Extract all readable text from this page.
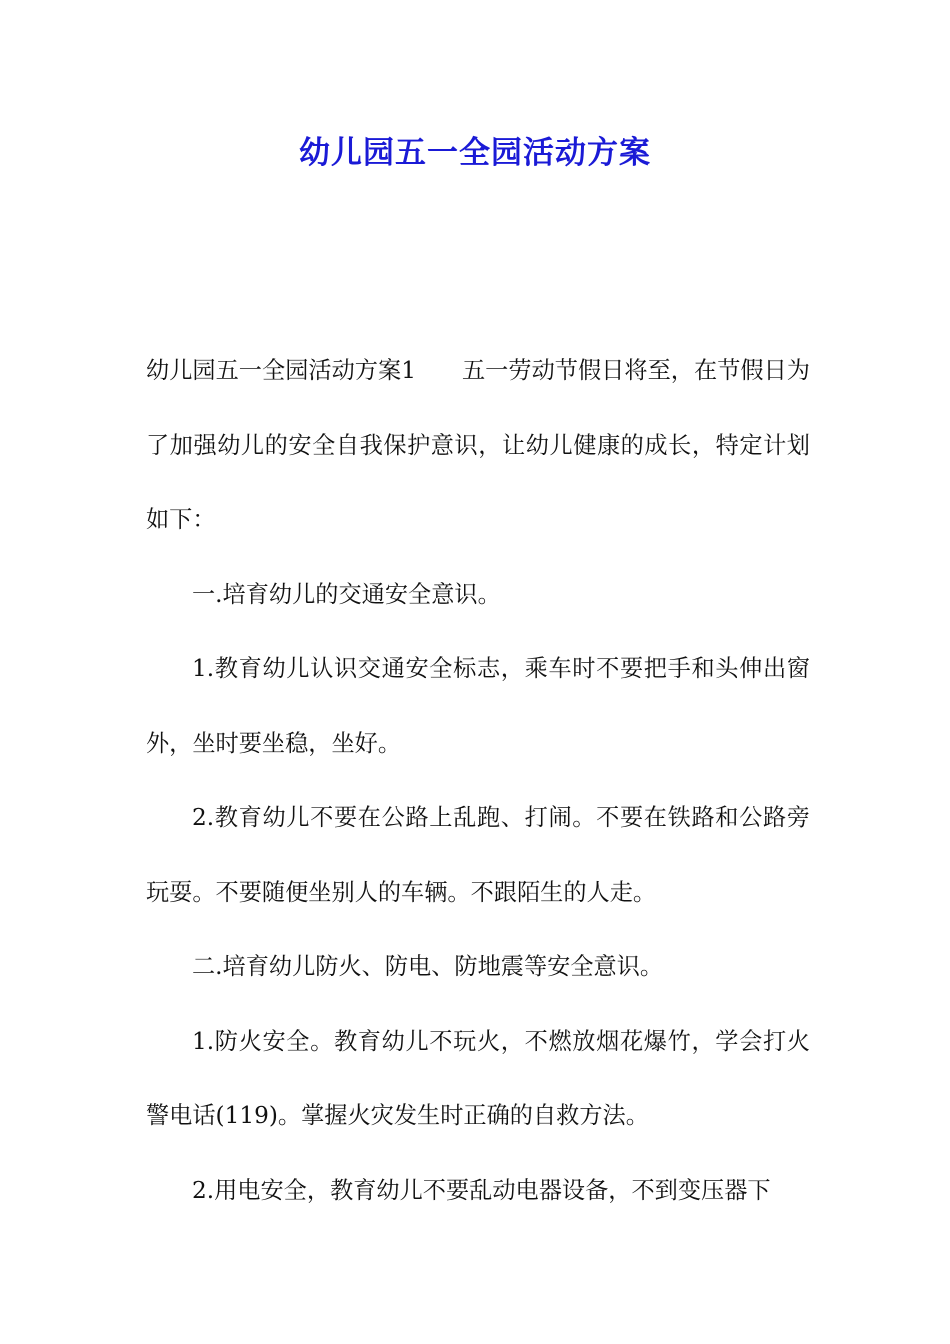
幼儿园五一全园活动方案

幼儿园五一全园活动方案1 五一劳动节假日将至，在节假日为了加强幼儿的安全自我保护意识，让幼儿健康的成长，特定计划如下：

一.培育幼儿的交通安全意识。

1.教育幼儿认识交通安全标志，乘车时不要把手和头伸出窗外，坐时要坐稳，坐好。

2.教育幼儿不要在公路上乱跑、打闹。不要在铁路和公路旁玩耍。不要随便坐别人的车辆。不跟陌生的人走。

二.培育幼儿防火、防电、防地震等安全意识。

1.防火安全。教育幼儿不玩火，不燃放烟花爆竹，学会打火警电话(119)。掌握火灾发生时正确的自救方法。

2.用电安全，教育幼儿不要乱动电器设备，不到变压器下
